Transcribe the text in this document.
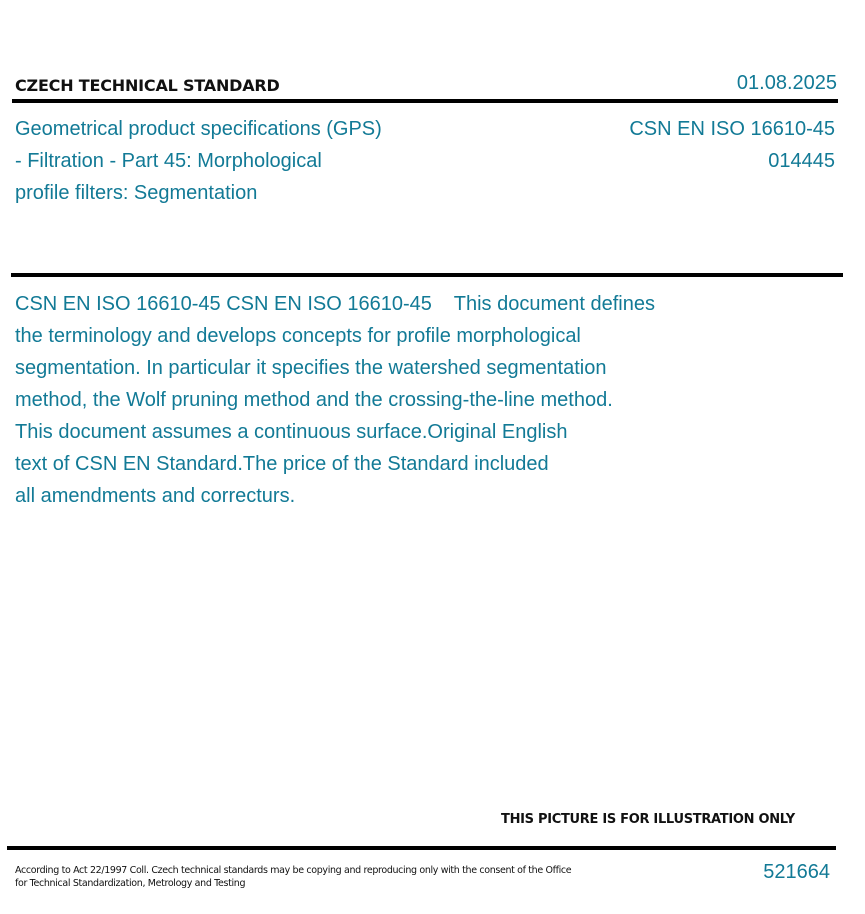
CZECH TECHNICAL STANDARD	01.08.2025
Geometrical product specifications (GPS)
- Filtration - Part 45: Morphological
profile filters: Segmentation
CSN EN ISO 16610-45
014445
CSN EN ISO 16610-45 CSN EN ISO 16610-45    This document defines
the terminology and develops concepts for profile morphological
segmentation. In particular it specifies the watershed segmentation
method, the Wolf pruning method and the crossing-the-line method.
This document assumes a continuous surface.Original English
text of CSN EN Standard.The price of the Standard included
all amendments and correcturs.
THIS PICTURE IS FOR ILLUSTRATION ONLY
According to Act 22/1997 Coll. Czech technical standards may be copying and reproducing only with the consent of the Office
for Technical Standardization, Metrology and Testing
521664
